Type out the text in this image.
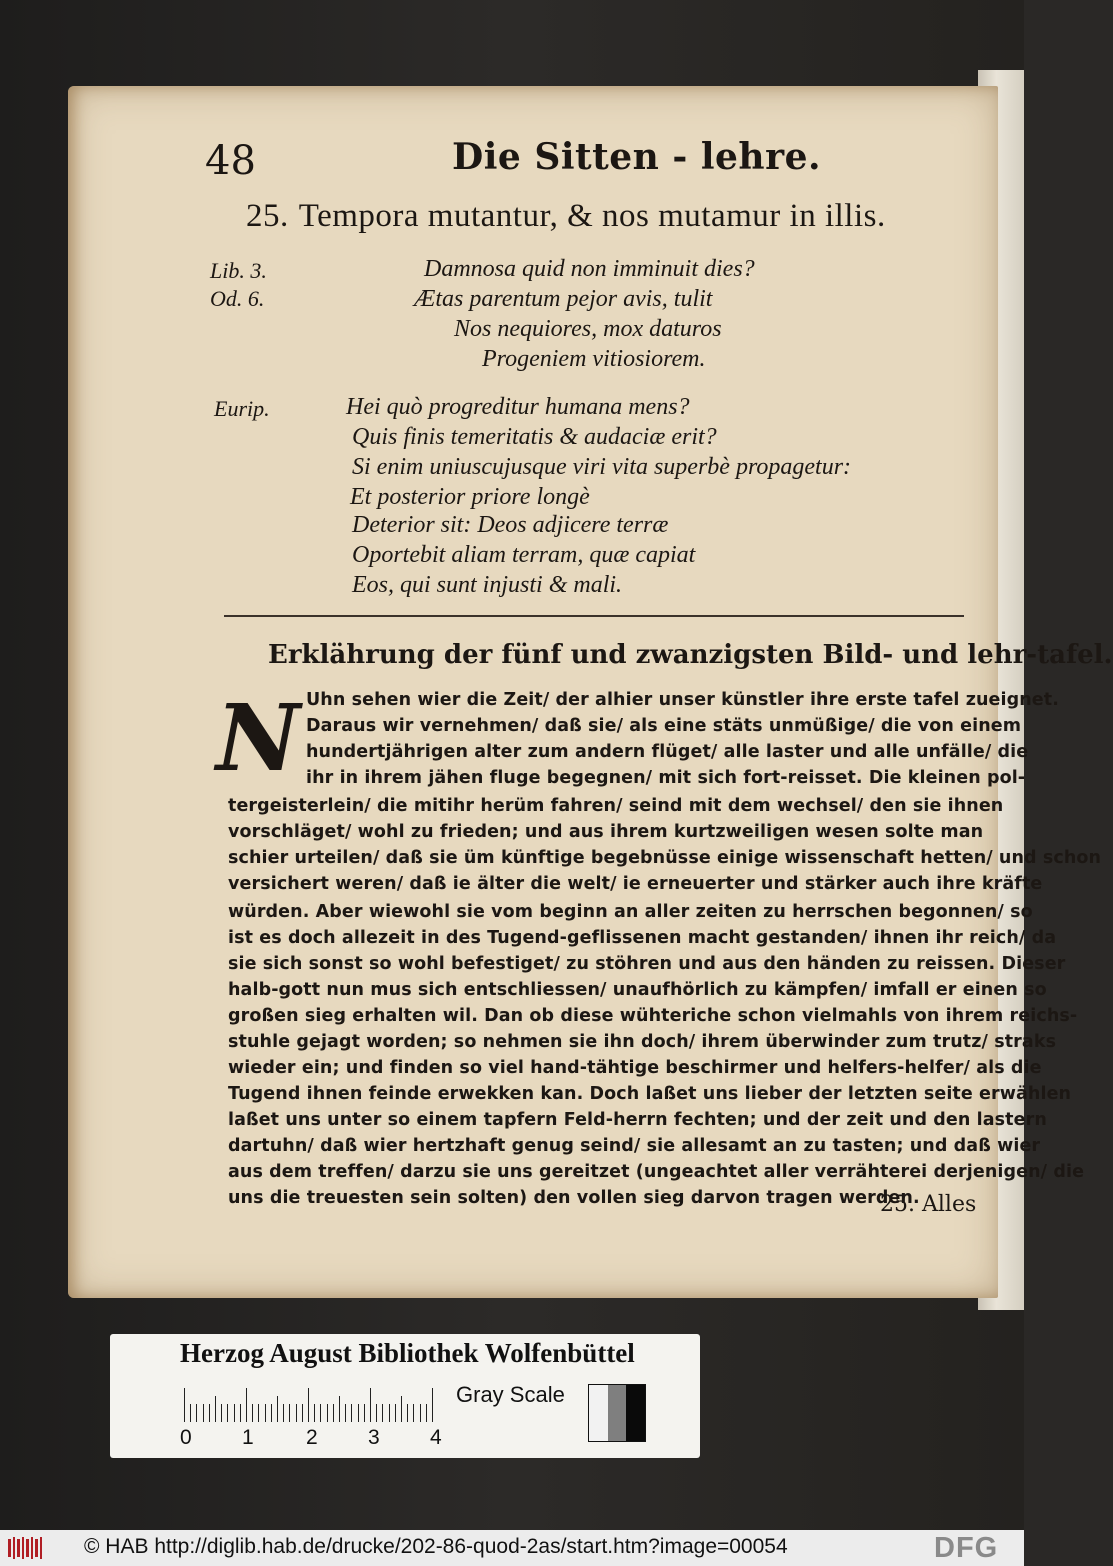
48	Die Sitten - lehre.
25. Tempora mutantur, & nos mutamur in illis.
Lib. 3.
Od. 6.
Damnosa quid non imminuit dies?
Ætas parentum pejor avis, tulit
Nos nequiores, mox daturos
Progeniem vitiosiorem.
Eurip.	Hei quò progreditur humana mens?
Quis finis temeritatis & audaciæ erit?
Si enim uniuscujusque viri vita superbè propagetur:
Et posterior priore longè
Deterior sit: Deos adjicere terræ
Oportebit aliam terram, quæ capiat
Eos, qui sunt injusti & mali.
Erklährung der fünf und zwanzigsten Bild- und lehr-tafel.
N Uhn sehen wier die Zeit/ der alhier unser künstler ihre erste tafel zueignet.
Daraus wir vernehmen/ daß sie/ als eine stäts unmüßige/ die von einem
hundertjährigen alter zum andern flüget/ alle laster und alle unfälle/ die
ihr in ihrem jähen fluge begegnen/ mit sich fort-reisset. Die kleinen pol-
tergeisterlein/ die mitihr herüm fahren/ seind mit dem wechsel/ den sie ihnen
vorschläget/ wohl zu frieden; und aus ihrem kurtzweiligen wesen solte man
schier urteilen/ daß sie üm künftige begebnüsse einige wissenschaft hetten/ und schon
versichert weren/ daß ie älter die welt/ ie erneuerter und stärker auch ihre kräfte
würden. Aber wiewohl sie vom beginn an aller zeiten zu herrschen begonnen/ so
ist es doch allezeit in des Tugend-geflissenen macht gestanden/ ihnen ihr reich/ da
sie sich sonst so wohl befestiget/ zu stöhren und aus den händen zu reissen. Dieser
halb-gott nun mus sich entschliessen/ unaufhörlich zu kämpfen/ imfall er einen so
großen sieg erhalten wil. Dan ob diese wühteriche schon vielmahls von ihrem reichs-
stuhle gejagt worden; so nehmen sie ihn doch/ ihrem überwinder zum trutz/ straks
wieder ein; und finden so viel hand-tähtige beschirmer und helfers-helfer/ als die
Tugend ihnen feinde erwekken kan. Doch laßet uns lieber der letzten seite erwählen
laßet uns unter so einem tapfern Feld-herrn fechten; und der zeit und den lastern
dartuhn/ daß wier hertzhaft genug seind/ sie allesamt an zu tasten; und daß wier
aus dem treffen/ darzu sie uns gereitzet (ungeachtet aller verrähterei derjenigen/ die
uns die treuesten sein solten) den vollen sieg darvon tragen werden.
25. Alles
Herzog August Bibliothek Wolfenbüttel
0 1 2 3 4
Gray Scale
© HAB http://diglib.hab.de/drucke/202-86-quod-2as/start.htm?image=00054	DFG
